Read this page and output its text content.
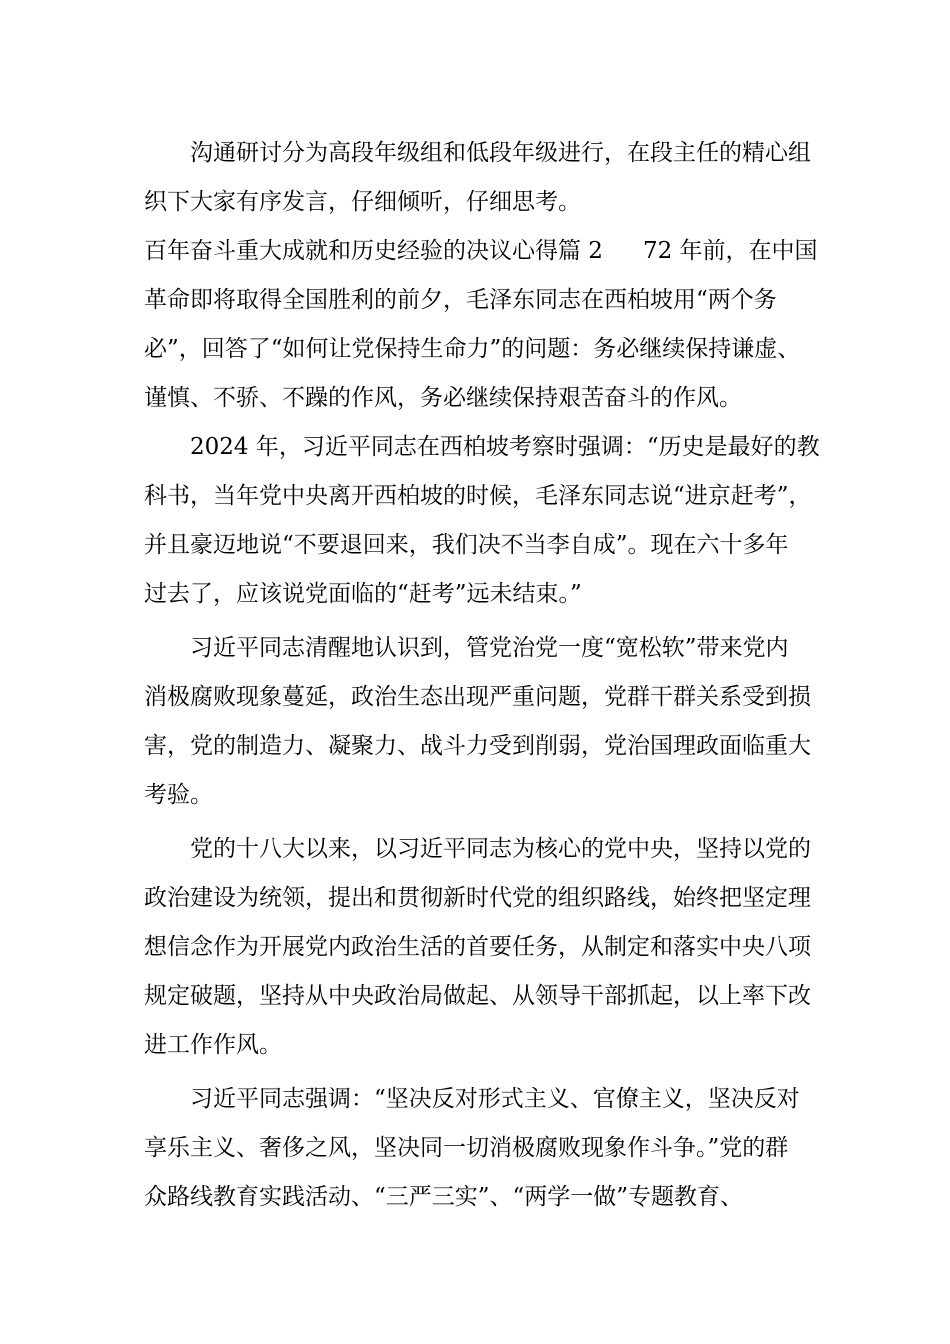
沟通研讨分为高段年级组和低段年级进行，在段主任的精心组
织下大家有序发言，仔细倾听，仔细思考。
百年奋斗重大成就和历史经验的决议心得篇 2 72 年前，在中国
革命即将取得全国胜利的前夕，毛泽东同志在西柏坡用“两个务
必”，回答了“如何让党保持生命力”的问题：务必继续保持谦虚、
谨慎、不骄、不躁的作风，务必继续保持艰苦奋斗的作风。
2024 年，习近平同志在西柏坡考察时强调：“历史是最好的教
科书，当年党中央离开西柏坡的时候，毛泽东同志说“进京赶考”，
并且豪迈地说“不要退回来，我们决不当李自成”。现在六十多年
过去了，应该说党面临的“赶考”远未结束。”
习近平同志清醒地认识到，管党治党一度“宽松软”带来党内
消极腐败现象蔓延，政治生态出现严重问题，党群干群关系受到损
害，党的制造力、凝聚力、战斗力受到削弱，党治国理政面临重大
考验。
党的十八大以来，以习近平同志为核心的党中央，坚持以党的
政治建设为统领，提出和贯彻新时代党的组织路线，始终把坚定理
想信念作为开展党内政治生活的首要任务，从制定和落实中央八项
规定破题，坚持从中央政治局做起、从领导干部抓起，以上率下改
进工作作风。
习近平同志强调：“坚决反对形式主义、官僚主义，坚决反对
享乐主义、奢侈之风，坚决同一切消极腐败现象作斗争。”党的群
众路线教育实践活动、“三严三实”、“两学一做”专题教育、
